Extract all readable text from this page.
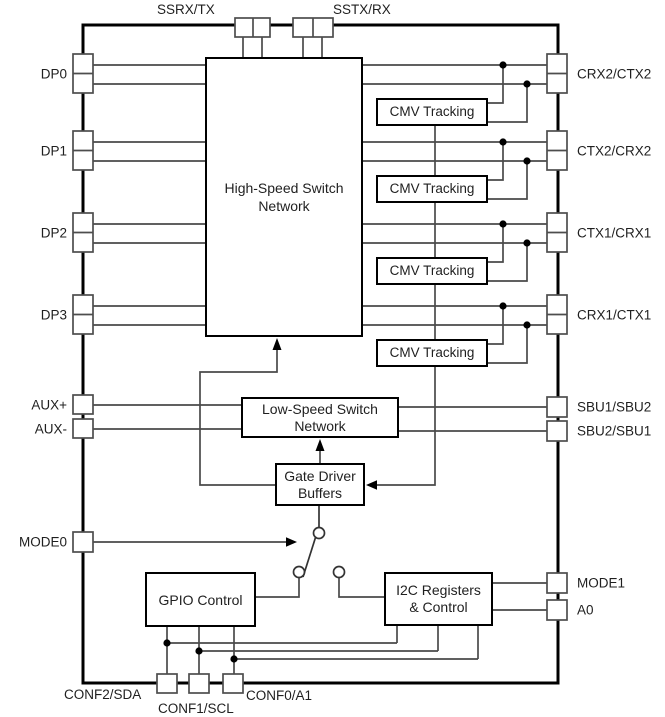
High-Speed Switch
Network
CMV Tracking
CMV Tracking
CMV Tracking
CMV Tracking
Low-Speed Switch
Network
Gate Driver
Buffers
GPIO Control
I2C Registers
& Control
SSRX/TX	SSTX/RX
DP0
DP1
DP2
DP3
AUX+
AUX-
MODE0
CRX2/CTX2
CTX2/CRX2
CTX1/CRX1
CRX1/CTX1
SBU1/SBU2
SBU2/SBU1
MODE1
A0
CONF2/SDA
CONF1/SCL
CONF0/A1
